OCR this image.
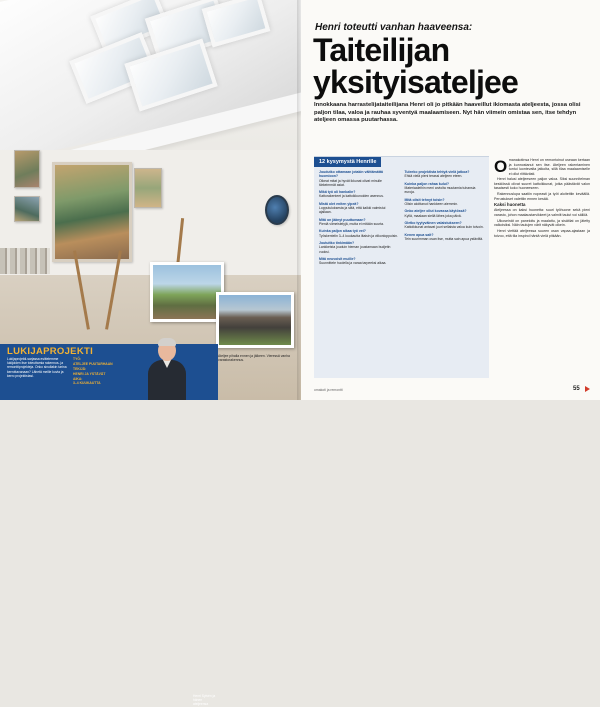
Ateljee pihalla ennen ja jälkeen. Vieressä vanha varastorakennus.
LUKIJAPROJEKTI
Lukijaprojekti-sarjassa esittelemme lukijoiden itse toteuttamia rakennus- ja remonttiprojekteja. Onko sinullakin tarina kerrottavanaan? Lähetä meille kuvia ja kerro projektistasi.
TYÖ:
ATELJEE PUUTARHAAN
TEKIJÄ:
HENRI JA YSTÄVÄT
AIKA:
3–4 KUUKAUTTA
Henri Sylvén ja hänen ateljeensa
Henri toteutti vanhan haaveensa:
Taiteilijan
yksityisateljee
Innokkaana harrastelijataiteilijana Henri oli jo pitkään haaveillut ikiomasta ateljeesta, jossa olisi paljon tilaa, valoa ja rauhaa syventyä maalaamiseen. Nyt hän viimein omistaa sen, itse tehdyn ateljeen omassa puutarhassa.
12 kysymystä Henrille
Joudutko ottamaan jotakin välttämättä huomioon?
Oikeat mitat ja hyvät ikkunat olivat minulle tärkeimmät asiat.
Mikä työ oli hankalin?
Kattorakenteet ja kattoikkunoiden asennus.
Mistä olet eniten ylpeä?
Lopputuloksesta ja siitä, että kaikki valmistui ajallaan.
Mitä on jäänyt puuttumaan?
Pieniä viimeistelyjä, mutta ei mitään suurta.
Kuinka paljon aikaa työ vei?
Työskentelin 3–4 kuukautta iltaisin ja viikonloppuisin.
Joutuitko tinkimään?
Lankkeista jouduin hieman joustamaan budjetin vuoksi.
Mitä neuvoisit muille?
Suunnittele huolella ja varaa tarpeeksi aikaa.
Tuleeko projektista tehtyä vielä jatkoa?
Ehkä vielä pieni terassi ateljeen eteen.
Kuinka paljon rahaa kului?
Materiaaleihin meni arviolta muutamia tuhansia euroja.
Mitä olisit tehnyt toisin?
Olisin aloittanut hankkeen aiemmin.
Onko ateljee ollut kovassa käytössä?
Kyllä, maalaan siellä lähes joka päivä.
Oletko tyytyväinen valaistukseen?
Kattoikkunat antavat juuri sellaista valoa kuin toivoin.
Kenen apua sait?
Tein suurimman osan itse, mutta sain apua ystäviltä.

Omanakotinsa Henri on remontoinut useaan kertaan ja kunnostanut sen itse. Ateljeen rakentaminen tuntui luontevalta jatkolta, sillä tilaa maalaamiselle ei ollut riittävästi.

Henri halusi ateljeeseen paljon valoa. Siksi suunnitelman keskiössä olivat suuret kattoikkunat, jotka päästävät valon tasaisesti koko huoneeseen.

Rakennuslupa saatiin nopeasti ja työt aloitettiin keväällä. Perustukset valettiin ennen kesää.

Kaksi huonetta

Ateljeessa on kaksi huonetta: suuri työhuone sekä pieni varasto, johon maalaustarvikkeet ja valmiit taulut voi säilöä.

Ulkoseinät on paneloitu ja maalattu, ja sisätilat on jätetty valkoisiksi. Näin taulujen värit näkyvät oikein.

Henri viettää ateljeessa suuren osan vapaa-ajastaan ja toivoo, että tila inspiroi häntä vielä pitkään.

omakoti ja remontti	55
